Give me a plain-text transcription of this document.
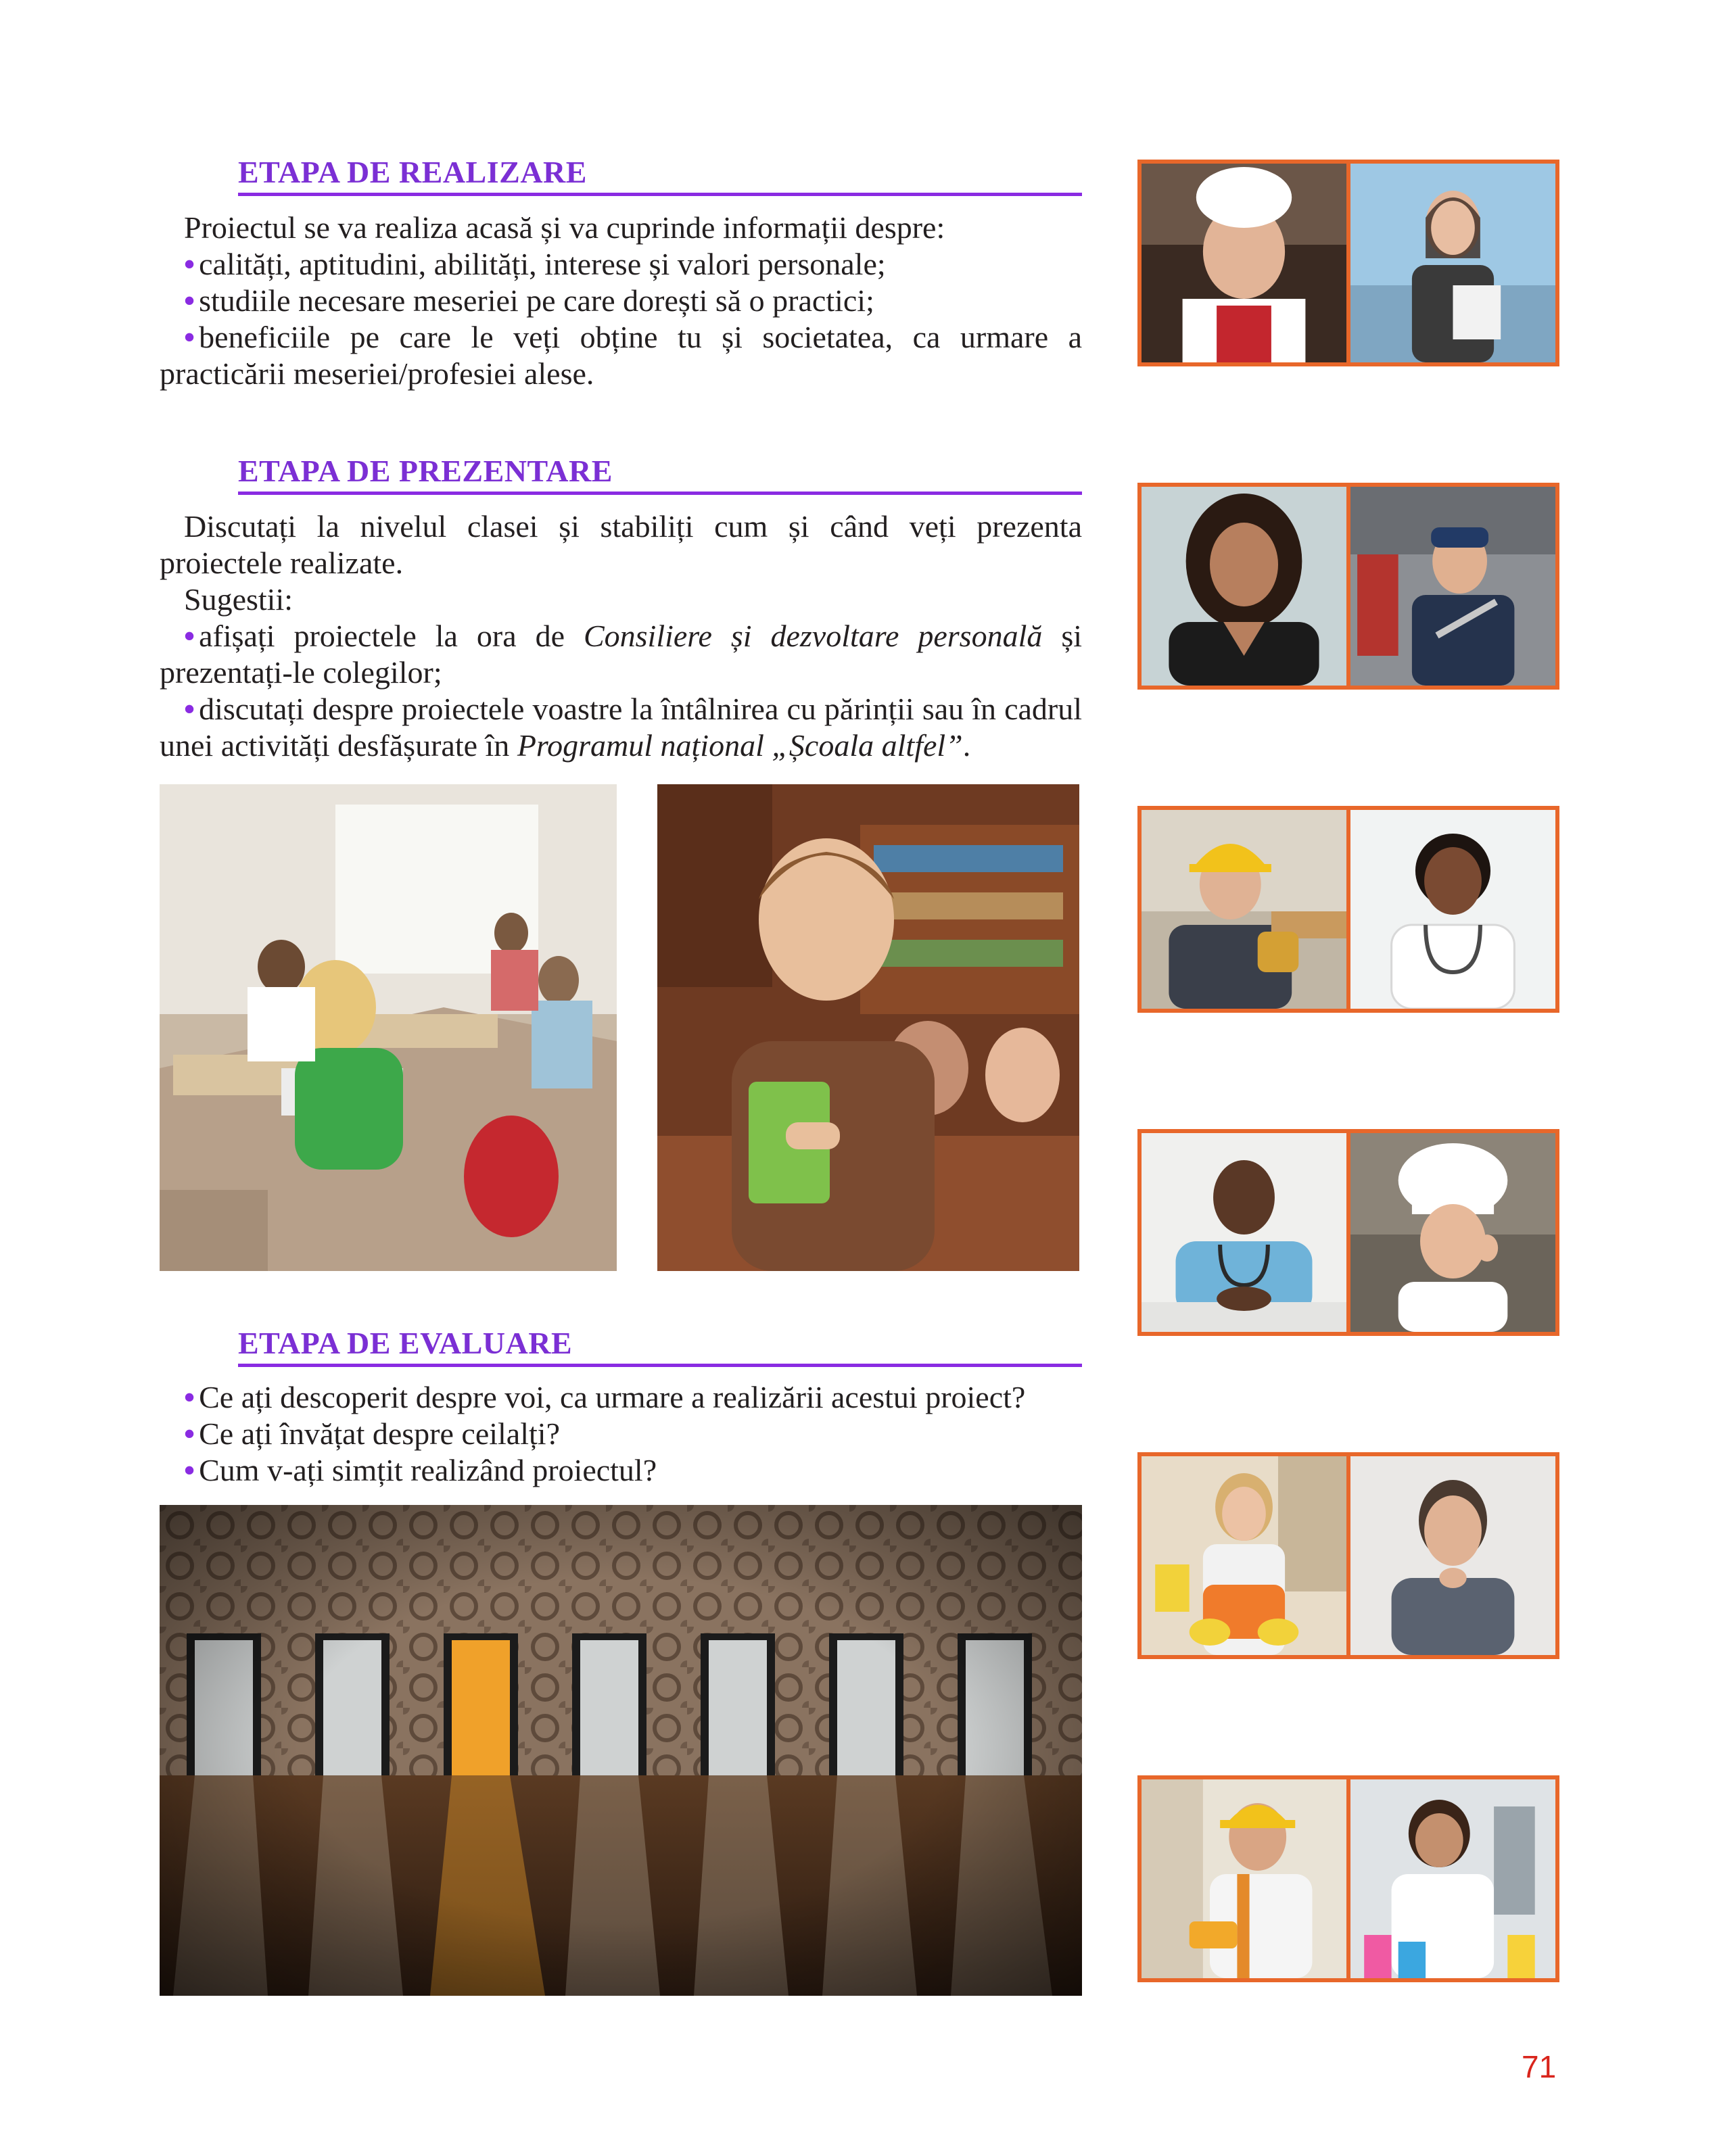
ETAPA DE REALIZARE

Proiectul se va realiza acasă și va cuprinde informații despre:

• calități, aptitudini, abilități, interese și valori personale;

• studiile necesare meseriei pe care dorești să o practici;

• beneficiile pe care le veți obține tu și societatea, ca urmare a practicării meseriei/profesiei alese.

ETAPA DE PREZENTARE

Discutați la nivelul clasei și stabiliți cum și când veți prezenta proiectele realizate.

Sugestii:

• afișați proiectele la ora de Consiliere și dezvoltare personală și prezentați-le colegilor;

• discutați despre proiectele voastre la întâlnirea cu părinții sau în cadrul unei activități desfășurate în Programul național „Școala altfel”.

ETAPA DE EVALUARE

• Ce ați descoperit despre voi, ca urmare a realizării acestui proiect?

• Ce ați învățat despre ceilalți?

• Cum v-ați simțit realizând proiectul?

71
